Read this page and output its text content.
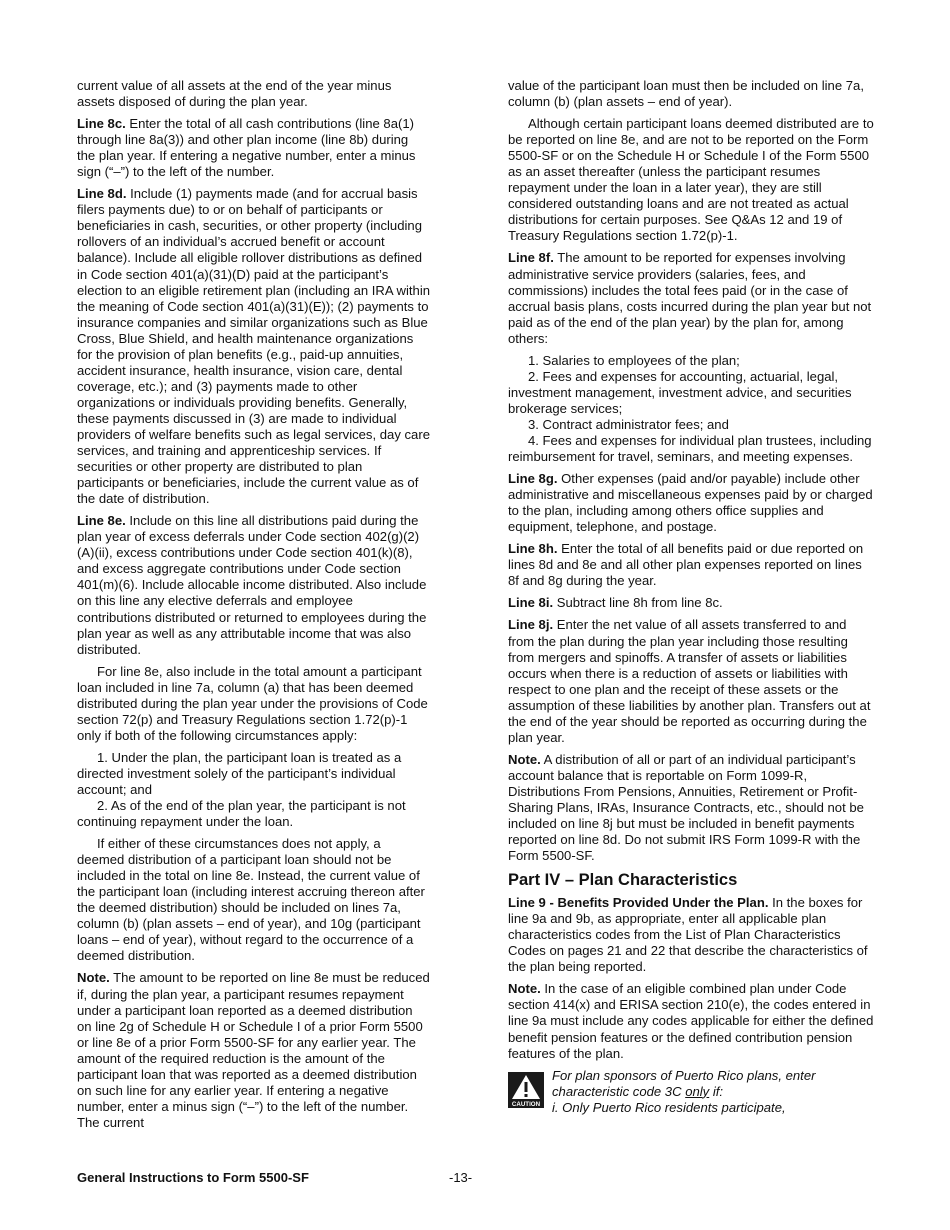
current value of all assets at the end of the year minus assets disposed of during the plan year.

Line 8c. Enter the total of all cash contributions (line 8a(1) through line 8a(3)) and other plan income (line 8b) during the plan year. If entering a negative number, enter a minus sign (“–”) to the left of the number.

Line 8d. Include (1) payments made (and for accrual basis filers payments due) to or on behalf of participants or beneficiaries in cash, securities, or other property (including rollovers of an individual’s accrued benefit or account balance). Include all eligible rollover distributions as defined in Code section 401(a)(31)(D) paid at the participant’s election to an eligible retirement plan (including an IRA within the meaning of Code section 401(a)(31)(E)); (2) payments to insurance companies and similar organizations such as Blue Cross, Blue Shield, and health maintenance organizations for the provision of plan benefits (e.g., paid-up annuities, accident insurance, health insurance, vision care, dental coverage, etc.); and (3) payments made to other organizations or individuals providing benefits. Generally, these payments discussed in (3) are made to individual providers of welfare benefits such as legal services, day care services, and training and apprenticeship services. If securities or other property are distributed to plan participants or beneficiaries, include the current value as of the date of distribution.

Line 8e. Include on this line all distributions paid during the plan year of excess deferrals under Code section 402(g)(2)(A)(ii), excess contributions under Code section 401(k)(8), and excess aggregate contributions under Code section 401(m)(6). Include allocable income distributed. Also include on this line any elective deferrals and employee contributions distributed or returned to employees during the plan year as well as any attributable income that was also distributed.

For line 8e, also include in the total amount a participant loan included in line 7a, column (a) that has been deemed distributed during the plan year under the provisions of Code section 72(p) and Treasury Regulations section 1.72(p)-1 only if both of the following circumstances apply:

1. Under the plan, the participant loan is treated as a directed investment solely of the participant’s individual account; and

2. As of the end of the plan year, the participant is not continuing repayment under the loan.

If either of these circumstances does not apply, a deemed distribution of a participant loan should not be included in the total on line 8e. Instead, the current value of the participant loan (including interest accruing thereon after the deemed distribution) should be included on lines 7a, column (b) (plan assets – end of year), and 10g (participant loans – end of year), without regard to the occurrence of a deemed distribution.

Note. The amount to be reported on line 8e must be reduced if, during the plan year, a participant resumes repayment under a participant loan reported as a deemed distribution on line 2g of Schedule H or Schedule I of a prior Form 5500 or line 8e of a prior Form 5500-SF for any earlier year. The amount of the required reduction is the amount of the participant loan that was reported as a deemed distribution on such line for any earlier year. If entering a negative number, enter a minus sign (“–”) to the left of the number. The current

value of the participant loan must then be included on line 7a, column (b) (plan assets – end of year).

Although certain participant loans deemed distributed are to be reported on line 8e, and are not to be reported on the Form 5500-SF or on the Schedule H or Schedule I of the Form 5500 as an asset thereafter (unless the participant resumes repayment under the loan in a later year), they are still considered outstanding loans and are not treated as actual distributions for certain purposes. See Q&As 12 and 19 of Treasury Regulations section 1.72(p)-1.

Line 8f. The amount to be reported for expenses involving administrative service providers (salaries, fees, and commissions) includes the total fees paid (or in the case of accrual basis plans, costs incurred during the plan year but not paid as of the end of the plan year) by the plan for, among others:

1. Salaries to employees of the plan;

2. Fees and expenses for accounting, actuarial, legal, investment management, investment advice, and securities brokerage services;

3. Contract administrator fees; and

4. Fees and expenses for individual plan trustees, including reimbursement for travel, seminars, and meeting expenses.

Line 8g. Other expenses (paid and/or payable) include other administrative and miscellaneous expenses paid by or charged to the plan, including among others office supplies and equipment, telephone, and postage.

Line 8h. Enter the total of all benefits paid or due reported on lines 8d and 8e and all other plan expenses reported on lines 8f and 8g during the year.

Line 8i. Subtract line 8h from line 8c.

Line 8j. Enter the net value of all assets transferred to and from the plan during the plan year including those resulting from mergers and spinoffs. A transfer of assets or liabilities occurs when there is a reduction of assets or liabilities with respect to one plan and the receipt of these assets or the assumption of these liabilities by another plan. Transfers out at the end of the year should be reported as occurring during the plan year.

Note. A distribution of all or part of an individual participant’s account balance that is reportable on Form 1099-R, Distributions From Pensions, Annuities, Retirement or Profit-Sharing Plans, IRAs, Insurance Contracts, etc., should not be included on line 8j but must be included in benefit payments reported on line 8d. Do not submit IRS Form 1099-R with the
Form 5500-SF.

Part IV – Plan Characteristics

Line 9 - Benefits Provided Under the Plan. In the boxes for line 9a and 9b, as appropriate, enter all applicable plan characteristics codes from the List of Plan Characteristics Codes on pages 21 and 22 that describe the characteristics of the plan being reported.

Note. In the case of an eligible combined plan under Code section 414(x) and ERISA section 210(e), the codes entered in line 9a must include any codes applicable for either the defined benefit pension features or the defined contribution pension features of the plan.

CAUTION
For plan sponsors of Puerto Rico plans, enter characteristic code 3C only if:
i. Only Puerto Rico residents participate,
General Instructions to Form 5500-SF	-13-
